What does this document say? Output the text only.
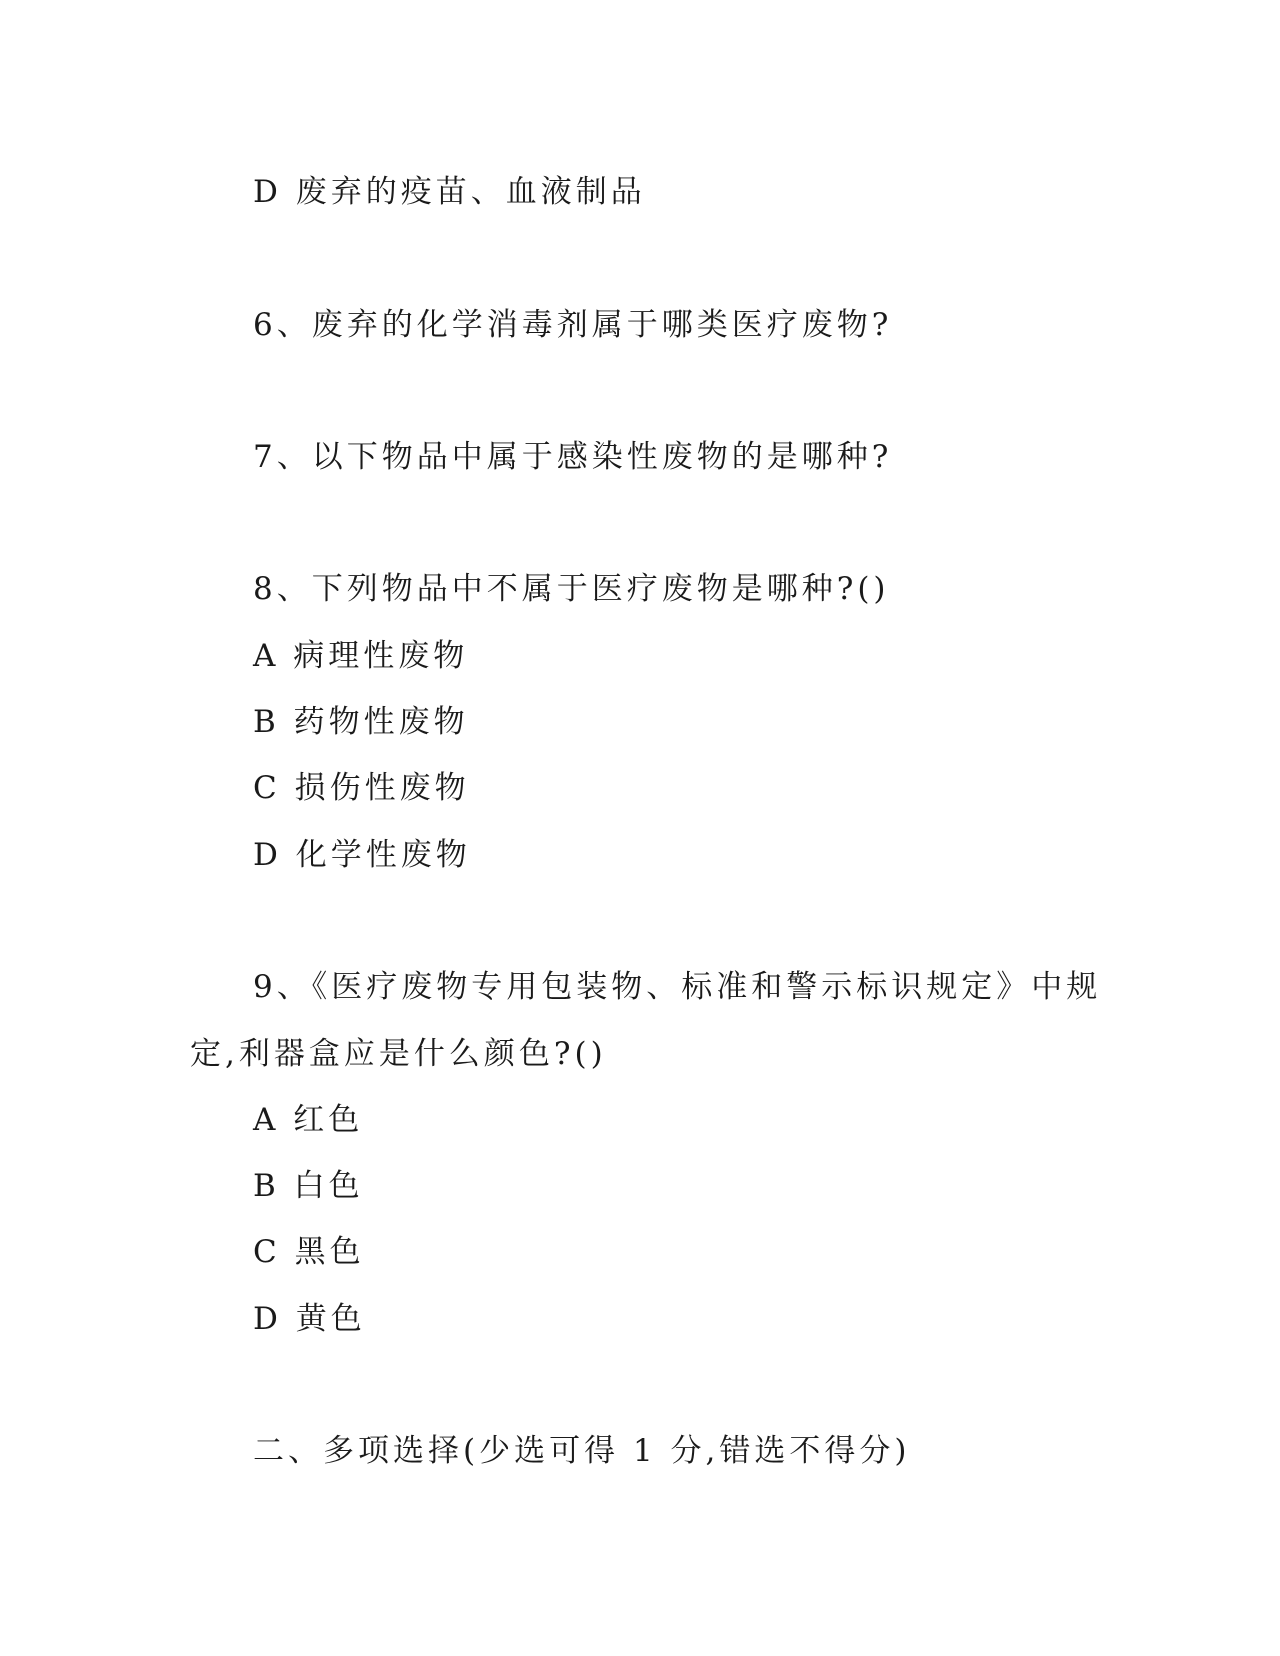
D 废弃的疫苗、血液制品
6、废弃的化学消毒剂属于哪类医疗废物?
7、以下物品中属于感染性废物的是哪种?
8、下列物品中不属于医疗废物是哪种?()
A 病理性废物
B 药物性废物
C 损伤性废物
D 化学性废物
9、《医疗废物专用包装物、标准和警示标识规定》中规
定,利器盒应是什么颜色?()
A 红色
B 白色
C 黑色
D 黄色
二、多项选择(少选可得 1 分,错选不得分)
